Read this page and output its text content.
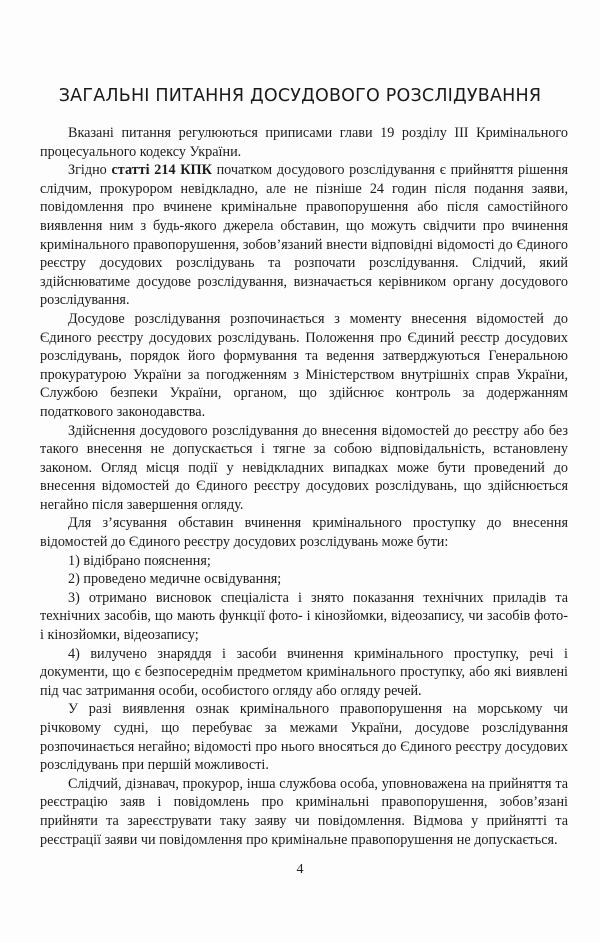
ЗАГАЛЬНІ ПИТАННЯ ДОСУДОВОГО РОЗСЛІДУВАННЯ

Вказані питання регулюються приписами глави 19 розділу III Кримінального процесуального кодексу України.

Згідно статті 214 КПК початком досудового розслідування є прийняття рішення слідчим, прокурором невідкладно, але не пізніше 24 годин після подання заяви, повідомлення про вчинене кримінальне правопорушення або після самостійного виявлення ним з будь-якого джерела обставин, що можуть свідчити про вчинення кримінального правопорушення, зобов’язаний внести відповідні відомості до Єдиного реєстру досудових розслідувань та розпочати розслідування. Слідчий, який здійснюватиме досудове розслідування, визначається керівником органу досудового розслідування.

Досудове розслідування розпочинається з моменту внесення відомостей до Єдиного реєстру досудових розслідувань. Положення про Єдиний реєстр досудових розслідувань, порядок його формування та ведення затверджуються Генеральною прокуратурою України за погодженням з Міністерством внутрішніх справ України, Службою безпеки України, органом, що здійснює контроль за додержанням податкового законодавства.

Здійснення досудового розслідування до внесення відомостей до реєстру або без такого внесення не допускається і тягне за собою відповідальність, встановлену законом. Огляд місця події у невідкладних випадках може бути проведений до внесення відомостей до Єдиного реєстру досудових розслідувань, що здійснюється негайно після завершення огляду.

Для з’ясування обставин вчинення кримінального проступку до внесення відомостей до Єдиного реєстру досудових розслідувань може бути:

1) відібрано пояснення;

2) проведено медичне освідування;

3) отримано висновок спеціаліста і знято показання технічних приладів та технічних засобів, що мають функції фото- і кінозйомки, відеозапису, чи засобів фото- і кінозйомки, відеозапису;

4) вилучено знаряддя і засоби вчинення кримінального проступку, речі і документи, що є безпосереднім предметом кримінального проступку, або які виявлені під час затримання особи, особистого огляду або огляду речей.

У разі виявлення ознак кримінального правопорушення на морському чи річковому судні, що перебуває за межами України, досудове розслідування розпочинається негайно; відомості про нього вносяться до Єдиного реєстру досудових розслідувань при першій можливості.

Слідчий, дізнавач, прокурор, інша службова особа, уповноважена на прийняття та реєстрацію заяв і повідомлень про кримінальні правопорушення, зобов’язані прийняти та зареєструвати таку заяву чи повідомлення. Відмова у прийнятті та реєстрації заяви чи повідомлення про кримінальне правопорушення не допускається.

4
